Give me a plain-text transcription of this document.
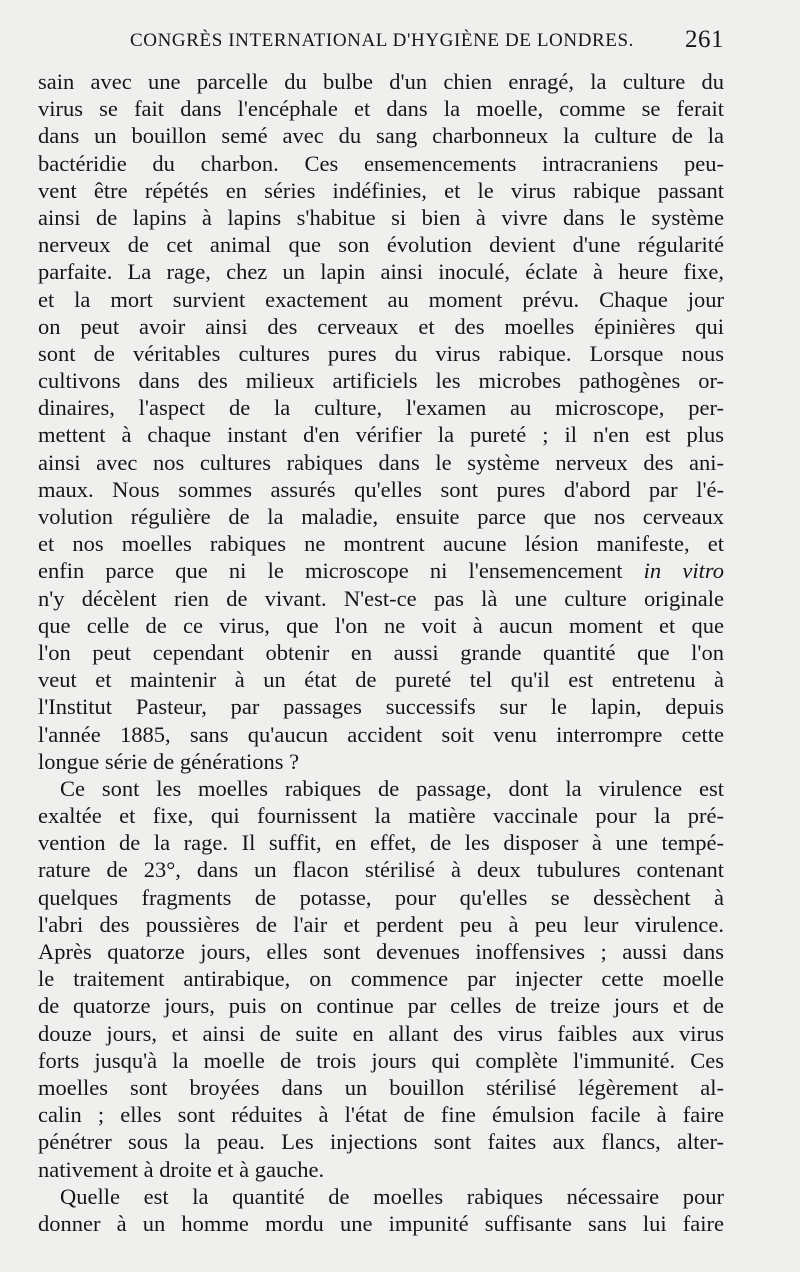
CONGRÈS INTERNATIONAL D'HYGIÈNE DE LONDRES. 261
sain avec une parcelle du bulbe d'un chien enragé, la culture du
virus se fait dans l'encéphale et dans la moelle, comme se ferait
dans un bouillon semé avec du sang charbonneux la culture de la
bactéridie du charbon. Ces ensemencements intracraniens peu-
vent être répétés en séries indéfinies, et le virus rabique passant
ainsi de lapins à lapins s'habitue si bien à vivre dans le système
nerveux de cet animal que son évolution devient d'une régularité
parfaite. La rage, chez un lapin ainsi inoculé, éclate à heure fixe,
et la mort survient exactement au moment prévu. Chaque jour
on peut avoir ainsi des cerveaux et des moelles épinières qui
sont de véritables cultures pures du virus rabique. Lorsque nous
cultivons dans des milieux artificiels les microbes pathogènes or-
dinaires, l'aspect de la culture, l'examen au microscope, per-
mettent à chaque instant d'en vérifier la pureté ; il n'en est plus
ainsi avec nos cultures rabiques dans le système nerveux des ani-
maux. Nous sommes assurés qu'elles sont pures d'abord par l'é-
volution régulière de la maladie, ensuite parce que nos cerveaux
et nos moelles rabiques ne montrent aucune lésion manifeste, et
enfin parce que ni le microscope ni l'ensemencement in vitro
n'y décèlent rien de vivant. N'est-ce pas là une culture originale
que celle de ce virus, que l'on ne voit à aucun moment et que
l'on peut cependant obtenir en aussi grande quantité que l'on
veut et maintenir à un état de pureté tel qu'il est entretenu à
l'Institut Pasteur, par passages successifs sur le lapin, depuis
l'année 1885, sans qu'aucun accident soit venu interrompre cette
longue série de générations ?
Ce sont les moelles rabiques de passage, dont la virulence est
exaltée et fixe, qui fournissent la matière vaccinale pour la pré-
vention de la rage. Il suffit, en effet, de les disposer à une tempé-
rature de 23°, dans un flacon stérilisé à deux tubulures contenant
quelques fragments de potasse, pour qu'elles se dessèchent à
l'abri des poussières de l'air et perdent peu à peu leur virulence.
Après quatorze jours, elles sont devenues inoffensives ; aussi dans
le traitement antirabique, on commence par injecter cette moelle
de quatorze jours, puis on continue par celles de treize jours et de
douze jours, et ainsi de suite en allant des virus faibles aux virus
forts jusqu'à la moelle de trois jours qui complète l'immunité. Ces
moelles sont broyées dans un bouillon stérilisé légèrement al-
calin ; elles sont réduites à l'état de fine émulsion facile à faire
pénétrer sous la peau. Les injections sont faites aux flancs, alter-
nativement à droite et à gauche.
Quelle est la quantité de moelles rabiques nécessaire pour
donner à un homme mordu une impunité suffisante sans lui faire
